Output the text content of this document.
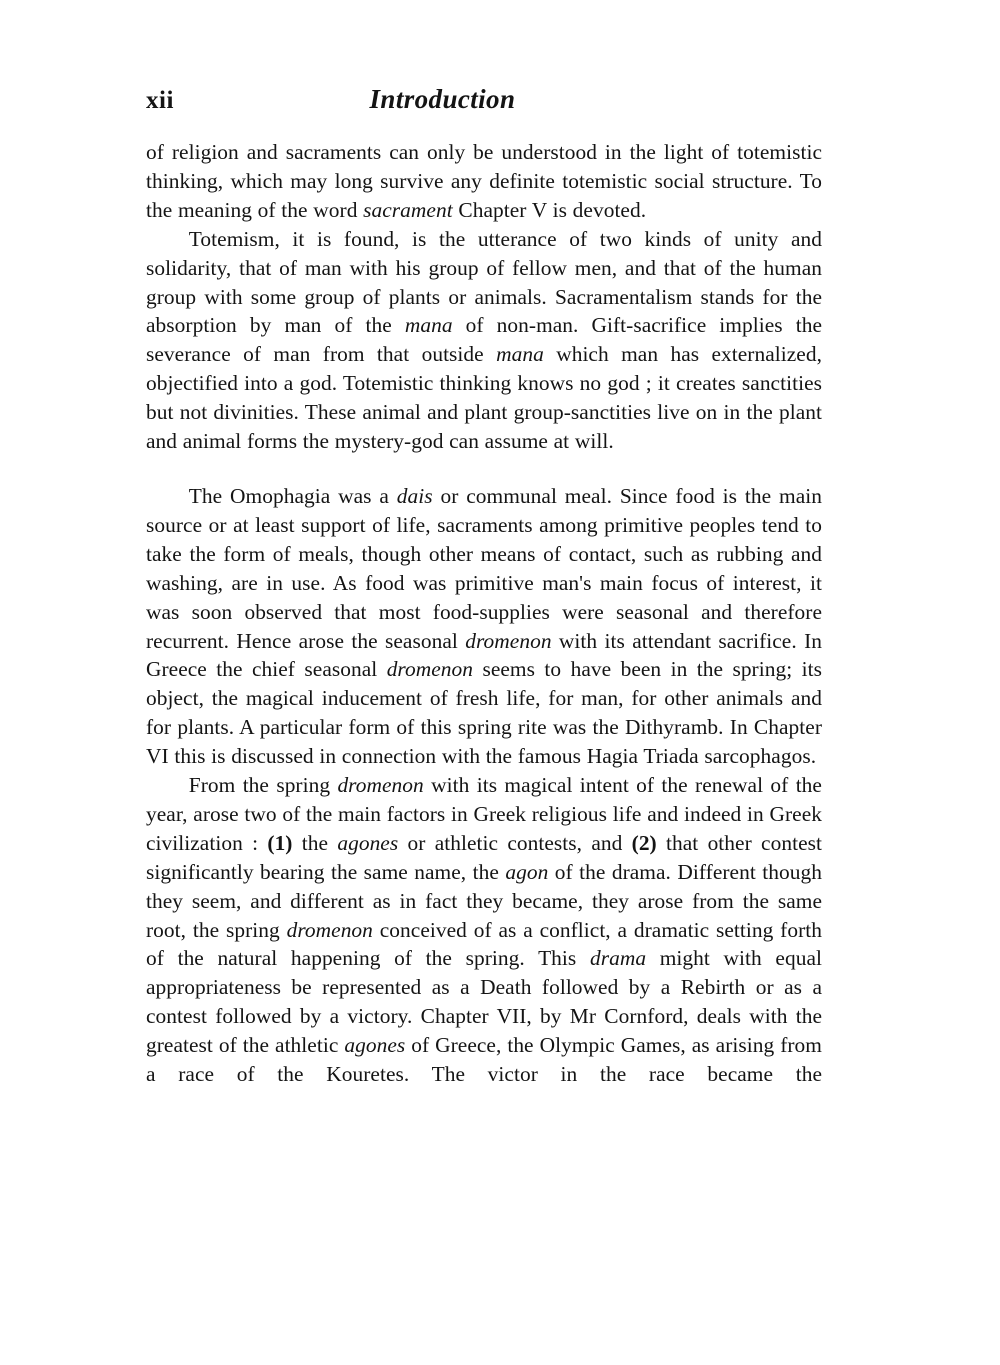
xii	Introduction

of religion and sacraments can only be understood in the light of totemistic thinking, which may long survive any definite totemistic social structure. To the meaning of the word sacrament Chapter V is devoted.

Totemism, it is found, is the utterance of two kinds of unity and solidarity, that of man with his group of fellow men, and that of the human group with some group of plants or animals. Sacramentalism stands for the absorption by man of the mana of non-man. Gift-sacrifice implies the severance of man from that outside mana which man has externalized, objectified into a god. Totemistic thinking knows no god ; it creates sanctities but not divinities. These animal and plant group-sanctities live on in the plant and animal forms the mystery-god can assume at will.

The Omophagia was a dais or communal meal. Since food is the main source or at least support of life, sacraments among primitive peoples tend to take the form of meals, though other means of contact, such as rubbing and washing, are in use. As food was primitive man's main focus of interest, it was soon observed that most food-supplies were seasonal and therefore recurrent. Hence arose the seasonal dromenon with its attendant sacrifice. In Greece the chief seasonal dromenon seems to have been in the spring; its object, the magical inducement of fresh life, for man, for other animals and for plants. A particular form of this spring rite was the Dithyramb. In Chapter VI this is discussed in connection with the famous Hagia Triada sarcophagos.

From the spring dromenon with its magical intent of the renewal of the year, arose two of the main factors in Greek religious life and indeed in Greek civilization : (1) the agones or athletic contests, and (2) that other contest significantly bearing the same name, the agon of the drama. Different though they seem, and different as in fact they became, they arose from the same root, the spring dromenon conceived of as a conflict, a dramatic setting forth of the natural happening of the spring. This drama might with equal appropriateness be represented as a Death followed by a Rebirth or as a contest followed by a victory. Chapter VII, by Mr Cornford, deals with the greatest of the athletic agones of Greece, the Olympic Games, as arising from a race of the Kouretes. The victor in the race became the
